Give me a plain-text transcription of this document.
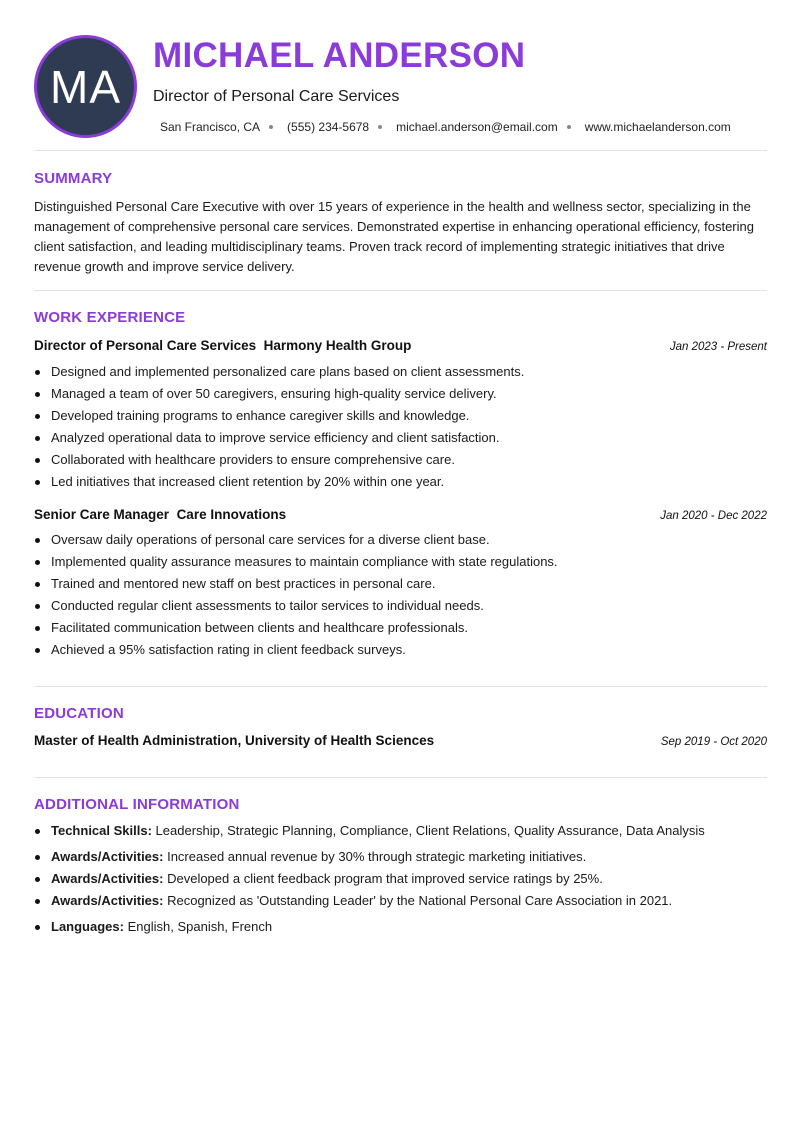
MA
MICHAEL ANDERSON
Director of Personal Care Services
San Francisco, CA (555) 234-5678 michael.anderson@email.com www.michaelanderson.com
SUMMARY
Distinguished Personal Care Executive with over 15 years of experience in the health and wellness sector, specializing in the management of comprehensive personal care services. Demonstrated expertise in enhancing operational efficiency, fostering client satisfaction, and leading multidisciplinary teams. Proven track record of implementing strategic initiatives that drive revenue growth and improve service delivery.
WORK EXPERIENCE
Director of Personal Care Services Harmony Health Group	Jan 2023 - Present
Designed and implemented personalized care plans based on client assessments.
Managed a team of over 50 caregivers, ensuring high-quality service delivery.
Developed training programs to enhance caregiver skills and knowledge.
Analyzed operational data to improve service efficiency and client satisfaction.
Collaborated with healthcare providers to ensure comprehensive care.
Led initiatives that increased client retention by 20% within one year.
Senior Care Manager Care Innovations	Jan 2020 - Dec 2022
Oversaw daily operations of personal care services for a diverse client base.
Implemented quality assurance measures to maintain compliance with state regulations.
Trained and mentored new staff on best practices in personal care.
Conducted regular client assessments to tailor services to individual needs.
Facilitated communication between clients and healthcare professionals.
Achieved a 95% satisfaction rating in client feedback surveys.
EDUCATION
Master of Health Administration, University of Health Sciences	Sep 2019 - Oct 2020
ADDITIONAL INFORMATION
Technical Skills: Leadership, Strategic Planning, Compliance, Client Relations, Quality Assurance, Data Analysis
Awards/Activities: Increased annual revenue by 30% through strategic marketing initiatives.
Awards/Activities: Developed a client feedback program that improved service ratings by 25%.
Awards/Activities: Recognized as 'Outstanding Leader' by the National Personal Care Association in 2021.
Languages: English, Spanish, French
